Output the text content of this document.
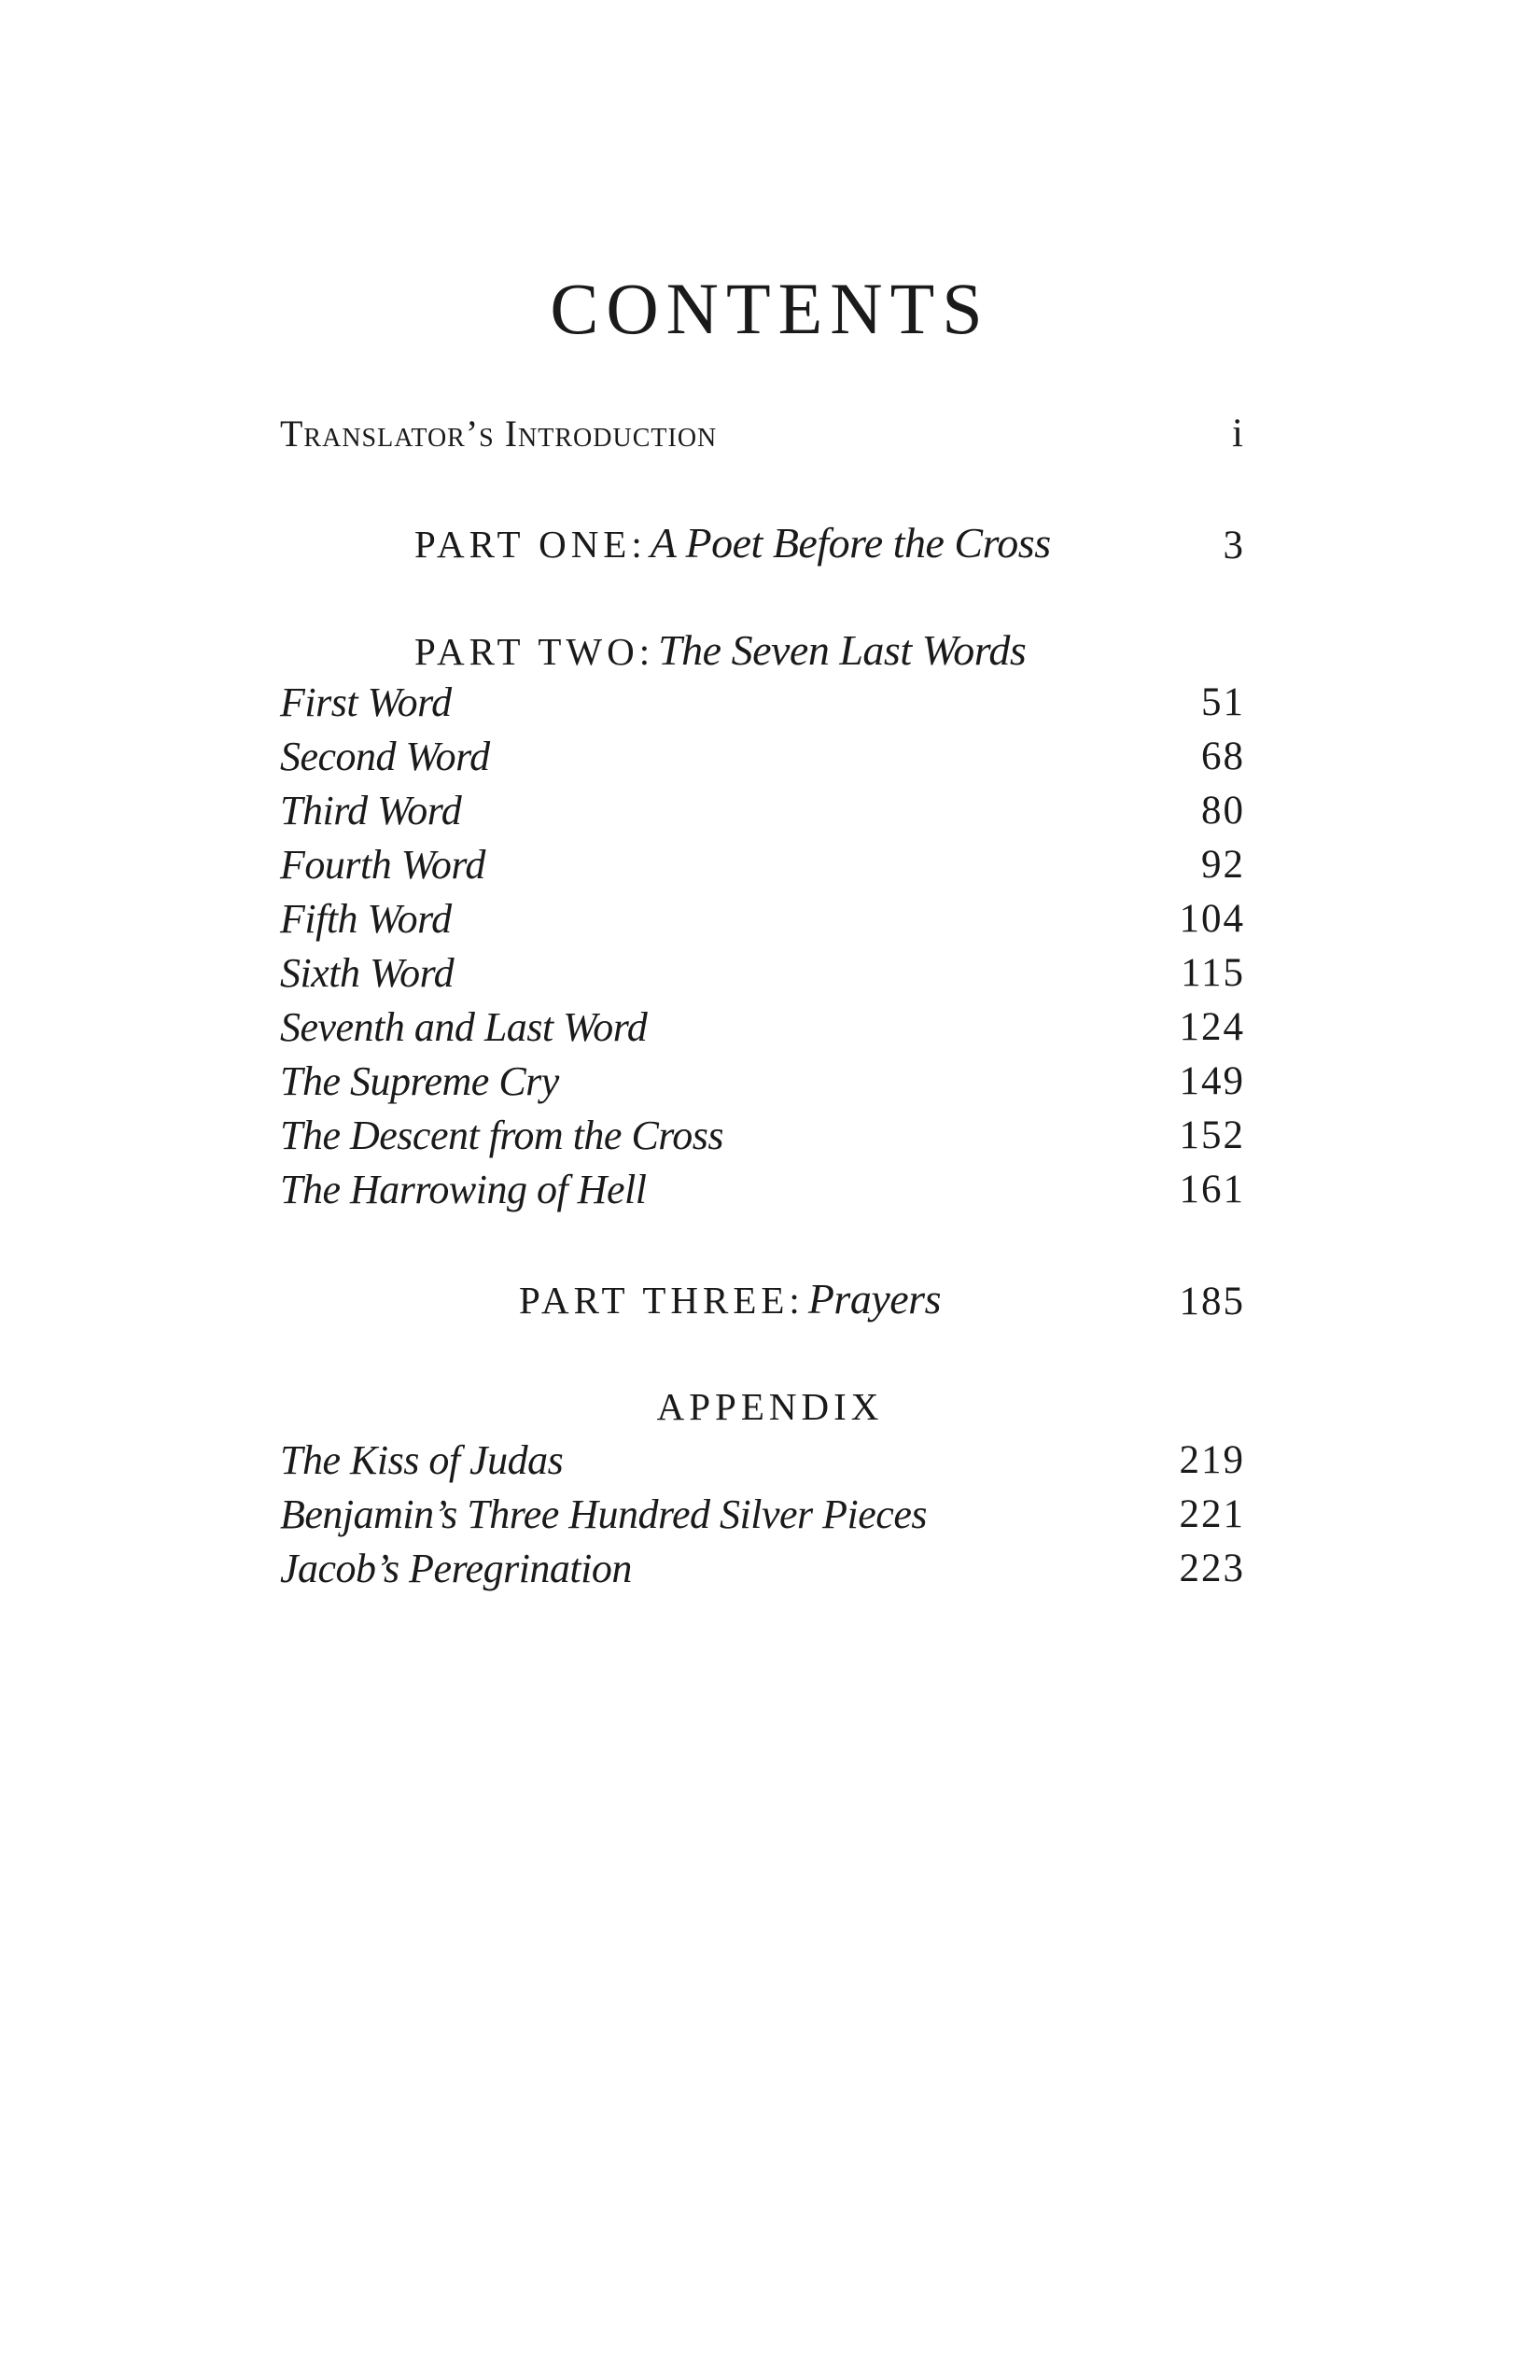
CONTENTS
Translator’s Introduction	i
PART ONE: A Poet Before the Cross	3
PART TWO: The Seven Last Words
First Word	51
Second Word	68
Third Word	80
Fourth Word	92
Fifth Word	104
Sixth Word	115
Seventh and Last Word	124
The Supreme Cry	149
The Descent from the Cross	152
The Harrowing of Hell	161
PART THREE: Prayers	185
APPENDIX
The Kiss of Judas	219
Benjamin’s Three Hundred Silver Pieces	221
Jacob’s Peregrination	223
